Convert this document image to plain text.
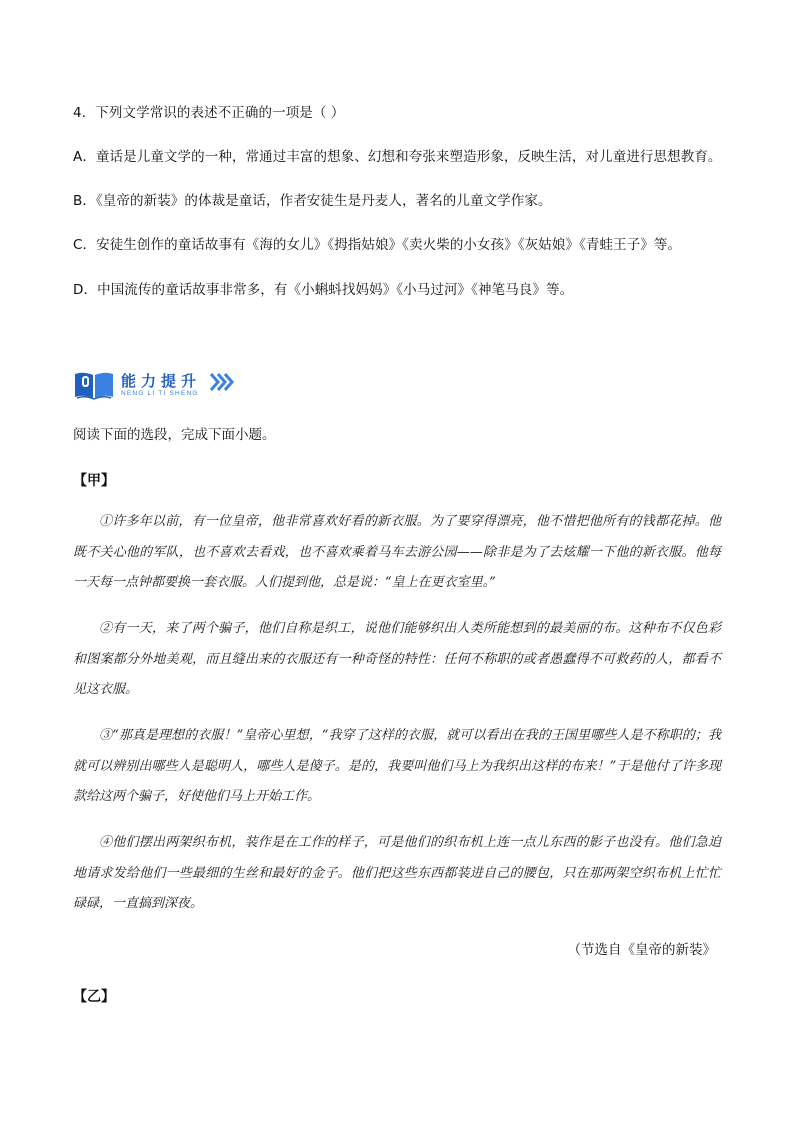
4．下列文学常识的表述不正确的一项是（ ）
A．童话是儿童文学的一种，常通过丰富的想象、幻想和夸张来塑造形象，反映生活，对儿童进行思想教育。
B．《皇帝的新装》的体裁是童话，作者安徒生是丹麦人，著名的儿童文学作家。
C．安徒生创作的童话故事有《海的女儿》《拇指姑娘》《卖火柴的小女孩》《灰姑娘》《青蛙王子》等。
D．中国流传的童话故事非常多，有《小蝌蚪找妈妈》《小马过河》《神笔马良》等。
能力提升
NENG LI TI SHENG
阅读下面的选段，完成下面小题。
【甲】

①许多年以前，有一位皇帝，他非常喜欢好看的新衣服。为了要穿得漂亮，他不惜把他所有的钱都花掉。他既不关心他的军队，也不喜欢去看戏，也不喜欢乘着马车去游公园——除非是为了去炫耀一下他的新衣服。他每一天每一点钟都要换一套衣服。人们提到他，总是说：“皇上在更衣室里。”

②有一天，来了两个骗子，他们自称是织工，说他们能够织出人类所能想到的最美丽的布。这种布不仅色彩和图案都分外地美观，而且缝出来的衣服还有一种奇怪的特性：任何不称职的或者愚蠢得不可救药的人，都看不见这衣服。

③“那真是理想的衣服！”皇帝心里想，“我穿了这样的衣服，就可以看出在我的王国里哪些人是不称职的；我就可以辨别出哪些人是聪明人，哪些人是傻子。是的，我要叫他们马上为我织出这样的布来！”于是他付了许多现款给这两个骗子，好使他们马上开始工作。

④他们摆出两架织布机，装作是在工作的样子，可是他们的织布机上连一点儿东西的影子也没有。他们急迫地请求发给他们一些最细的生丝和最好的金子。他们把这些东西都装进自己的腰包，只在那两架空织布机上忙忙碌碌，一直搞到深夜。

（节选自《皇帝的新装》
【乙】
